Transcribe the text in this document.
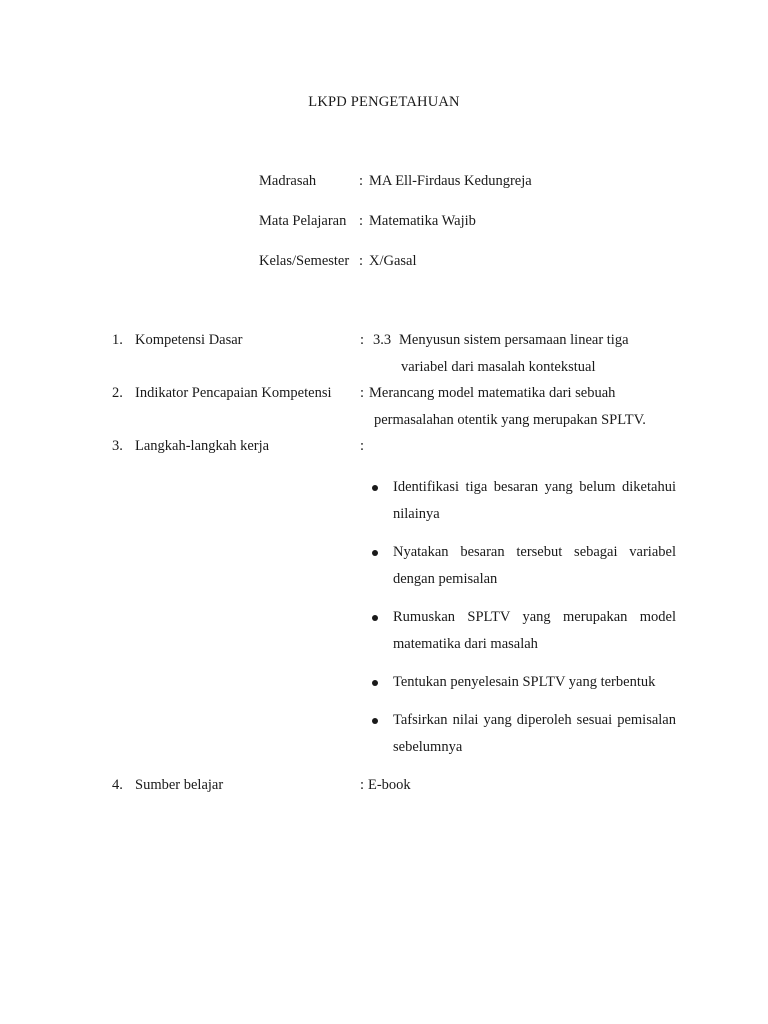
LKPD PENGETAHUAN
Madrasah	: MA Ell-Firdaus Kedungreja
Mata Pelajaran : Matematika Wajib
Kelas/Semester : X/Gasal
1. Kompetensi Dasar	: 3.3 Menyusun sistem persamaan linear tiga
variabel dari masalah kontekstual
2. Indikator Pencapaian Kompetensi : Merancang model matematika dari sebuah
permasalahan otentik yang merupakan SPLTV.
3. Langkah-langkah kerja	:
Identifikasi tiga besaran yang belum diketahui nilainya
Nyatakan besaran tersebut sebagai variabel dengan pemisalan
Rumuskan SPLTV yang merupakan model matematika dari masalah
Tentukan penyelesain SPLTV yang terbentuk
Tafsirkan nilai yang diperoleh sesuai pemisalan sebelumnya
4. Sumber belajar	: E-book
